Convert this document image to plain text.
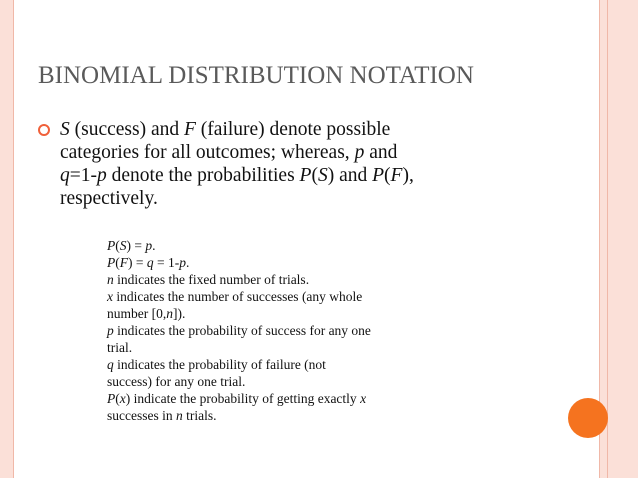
BINOMIAL DISTRIBUTION NOTATION
S (success) and F (failure) denote possible
categories for all outcomes; whereas, p and
q=1-p denote the probabilities P(S) and P(F),
respectively.
P(S) = p.
P(F) = q = 1-p.
n indicates the fixed number of trials.
x indicates the number of successes (any whole
number [0,n]).
p indicates the probability of success for any one
trial.
q indicates the probability of failure (not
success) for any one trial.
P(x) indicate the probability of getting exactly x
successes in n trials.
